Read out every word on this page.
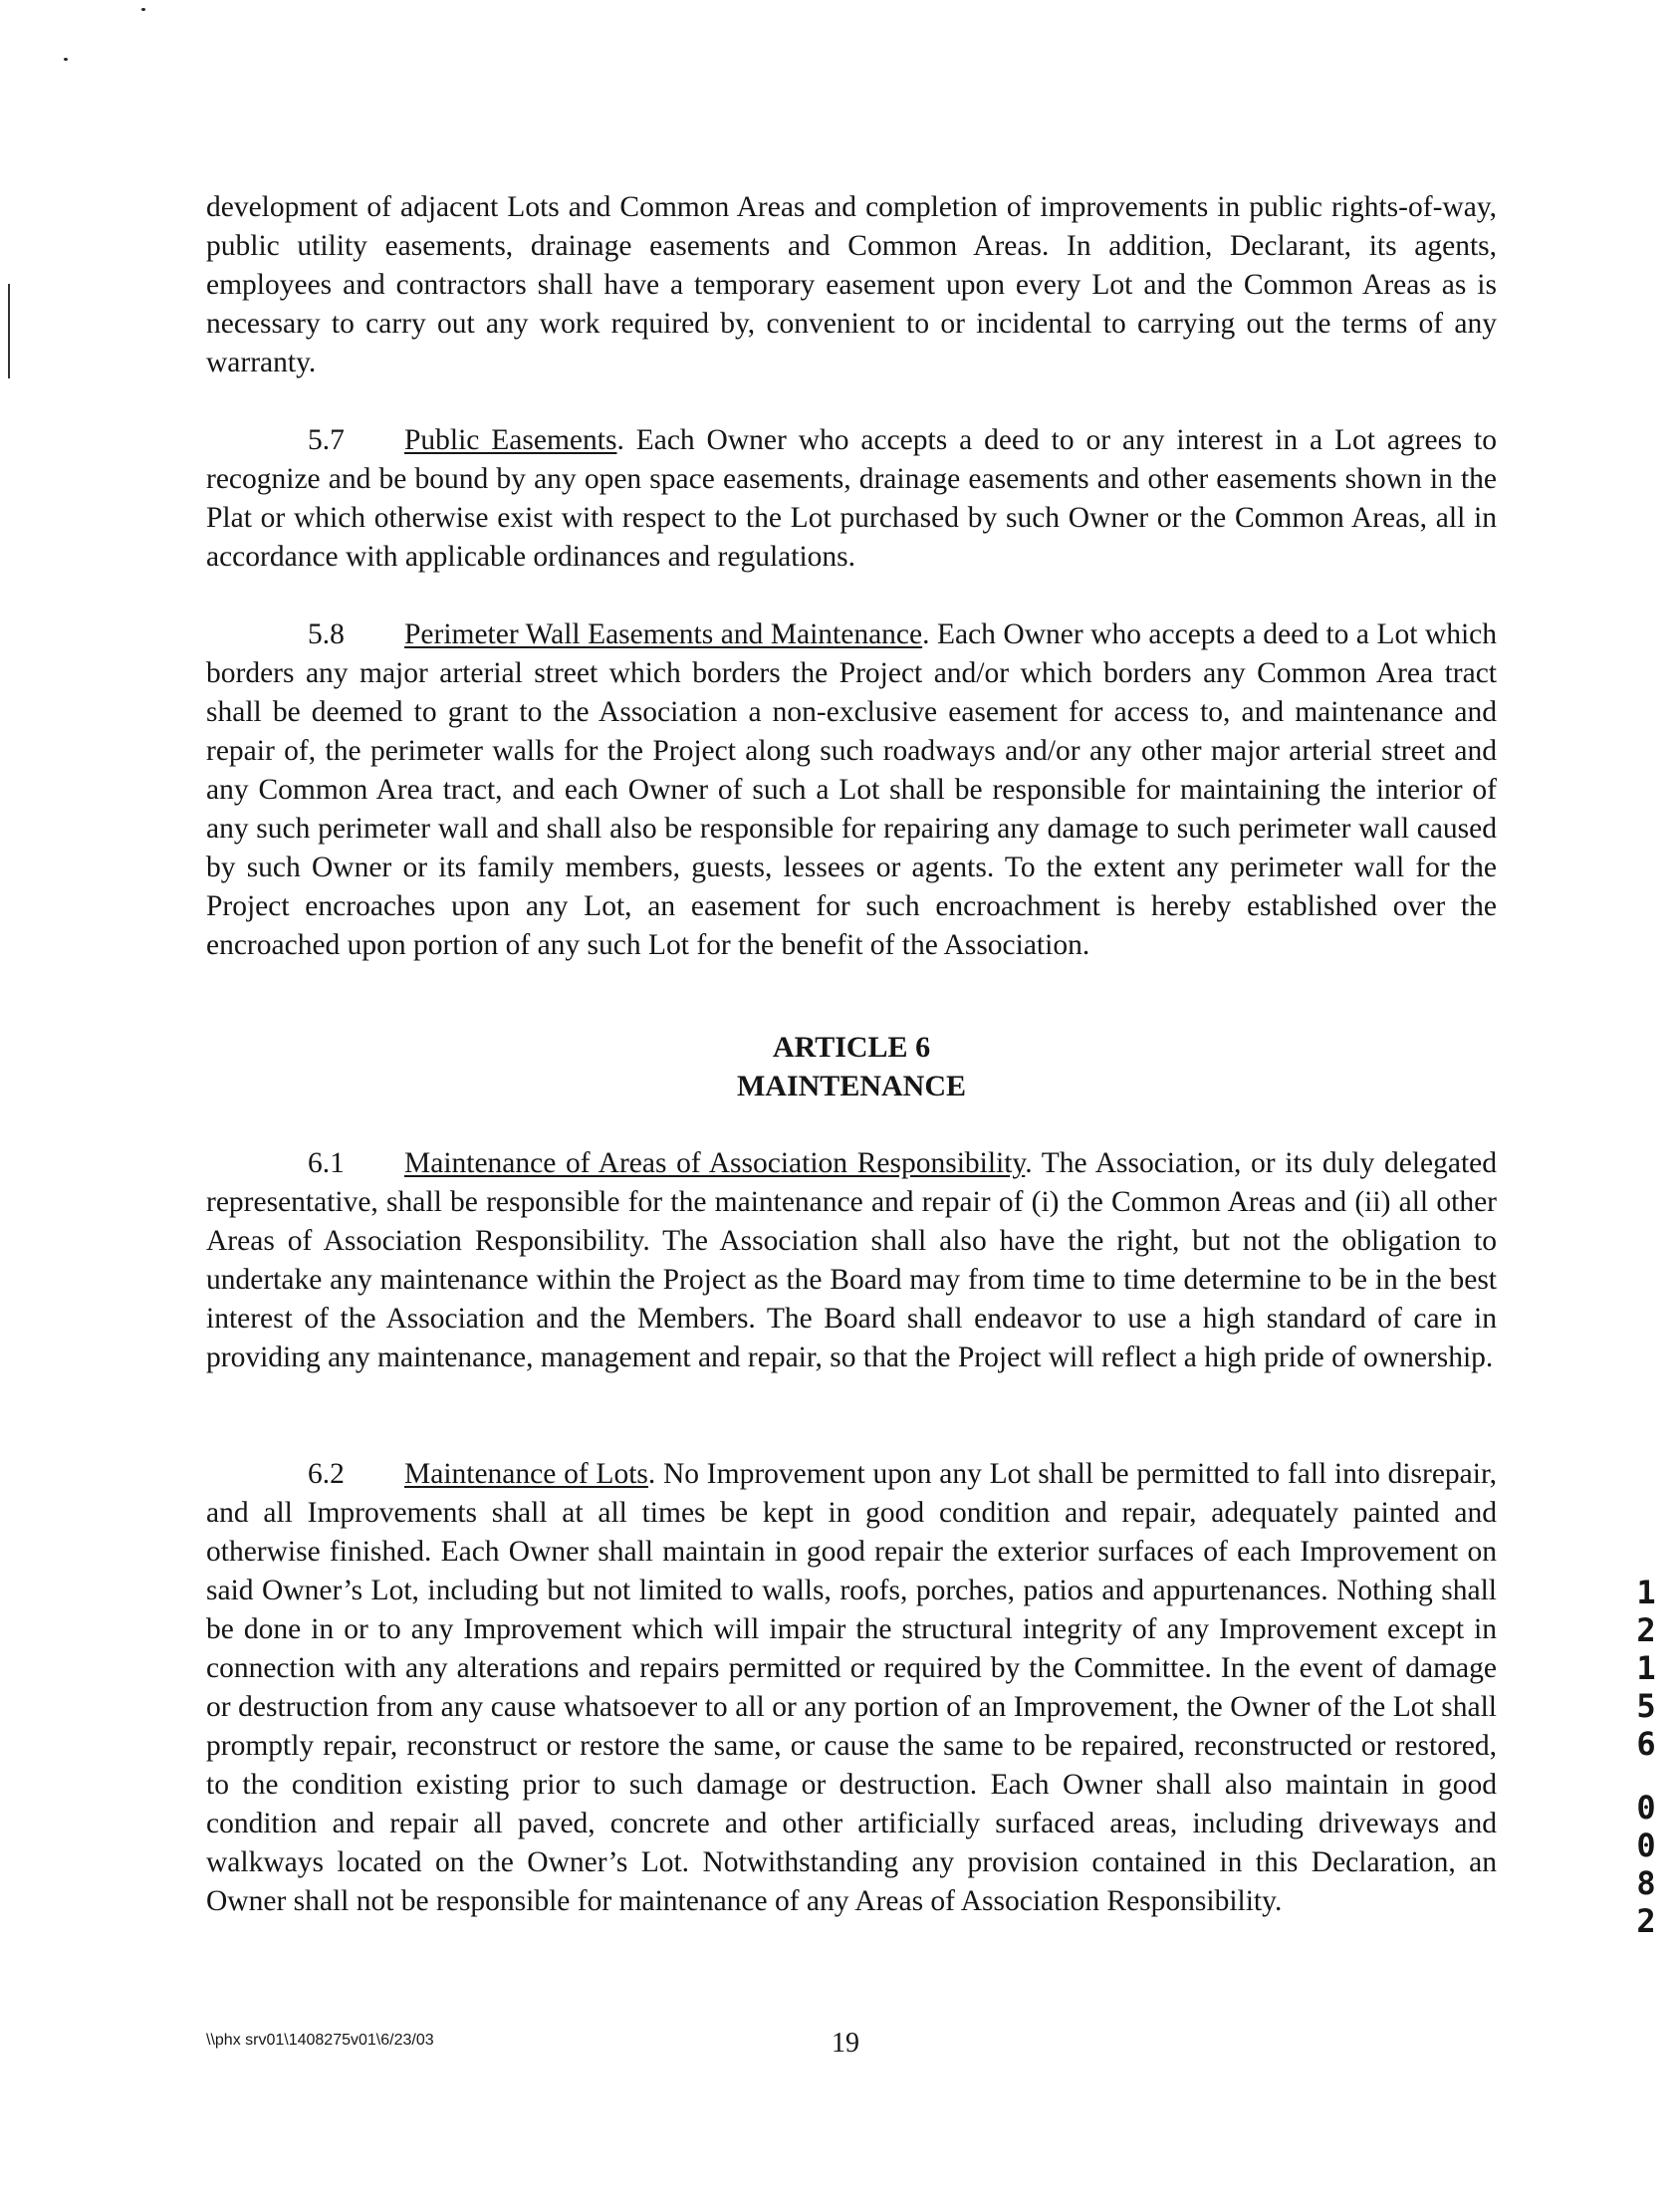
development of adjacent Lots and Common Areas and completion of improvements in public rights-of-way, public utility easements, drainage easements and Common Areas. In addition, Declarant, its agents, employees and contractors shall have a temporary easement upon every Lot and the Common Areas as is necessary to carry out any work required by, convenient to or incidental to carrying out the terms of any warranty.

5.7 Public Easements. Each Owner who accepts a deed to or any interest in a Lot agrees to recognize and be bound by any open space easements, drainage easements and other easements shown in the Plat or which otherwise exist with respect to the Lot purchased by such Owner or the Common Areas, all in accordance with applicable ordinances and regulations.

5.8 Perimeter Wall Easements and Maintenance. Each Owner who accepts a deed to a Lot which borders any major arterial street which borders the Project and/or which borders any Common Area tract shall be deemed to grant to the Association a non-exclusive easement for access to, and maintenance and repair of, the perimeter walls for the Project along such roadways and/or any other major arterial street and any Common Area tract, and each Owner of such a Lot shall be responsible for maintaining the interior of any such perimeter wall and shall also be responsible for repairing any damage to such perimeter wall caused by such Owner or its family members, guests, lessees or agents. To the extent any perimeter wall for the Project encroaches upon any Lot, an easement for such encroachment is hereby established over the encroached upon portion of any such Lot for the benefit of the Association.

ARTICLE 6
MAINTENANCE

6.1 Maintenance of Areas of Association Responsibility. The Association, or its duly delegated representative, shall be responsible for the maintenance and repair of (i) the Common Areas and (ii) all other Areas of Association Responsibility. The Association shall also have the right, but not the obligation to undertake any maintenance within the Project as the Board may from time to time determine to be in the best interest of the Association and the Members. The Board shall endeavor to use a high standard of care in providing any maintenance, management and repair, so that the Project will reflect a high pride of ownership.

6.2 Maintenance of Lots. No Improvement upon any Lot shall be permitted to fall into disrepair, and all Improvements shall at all times be kept in good condition and repair, adequately painted and otherwise finished. Each Owner shall maintain in good repair the exterior surfaces of each Improvement on said Owner’s Lot, including but not limited to walls, roofs, porches, patios and appurtenances. Nothing shall be done in or to any Improvement which will impair the structural integrity of any Improvement except in connection with any alterations and repairs permitted or required by the Committee. In the event of damage or destruction from any cause whatsoever to all or any portion of an Improvement, the Owner of the Lot shall promptly repair, reconstruct or restore the same, or cause the same to be repaired, reconstructed or restored, to the condition existing prior to such damage or destruction. Each Owner shall also maintain in good condition and repair all paved, concrete and other artificially surfaced areas, including driveways and walkways located on the Owner’s Lot. Notwithstanding any provision contained in this Declaration, an Owner shall not be responsible for maintenance of any Areas of Association Responsibility.

\\phx srv01\1408275v01\6/23/03	19
1
2
1
5
6
0
0
8
2
